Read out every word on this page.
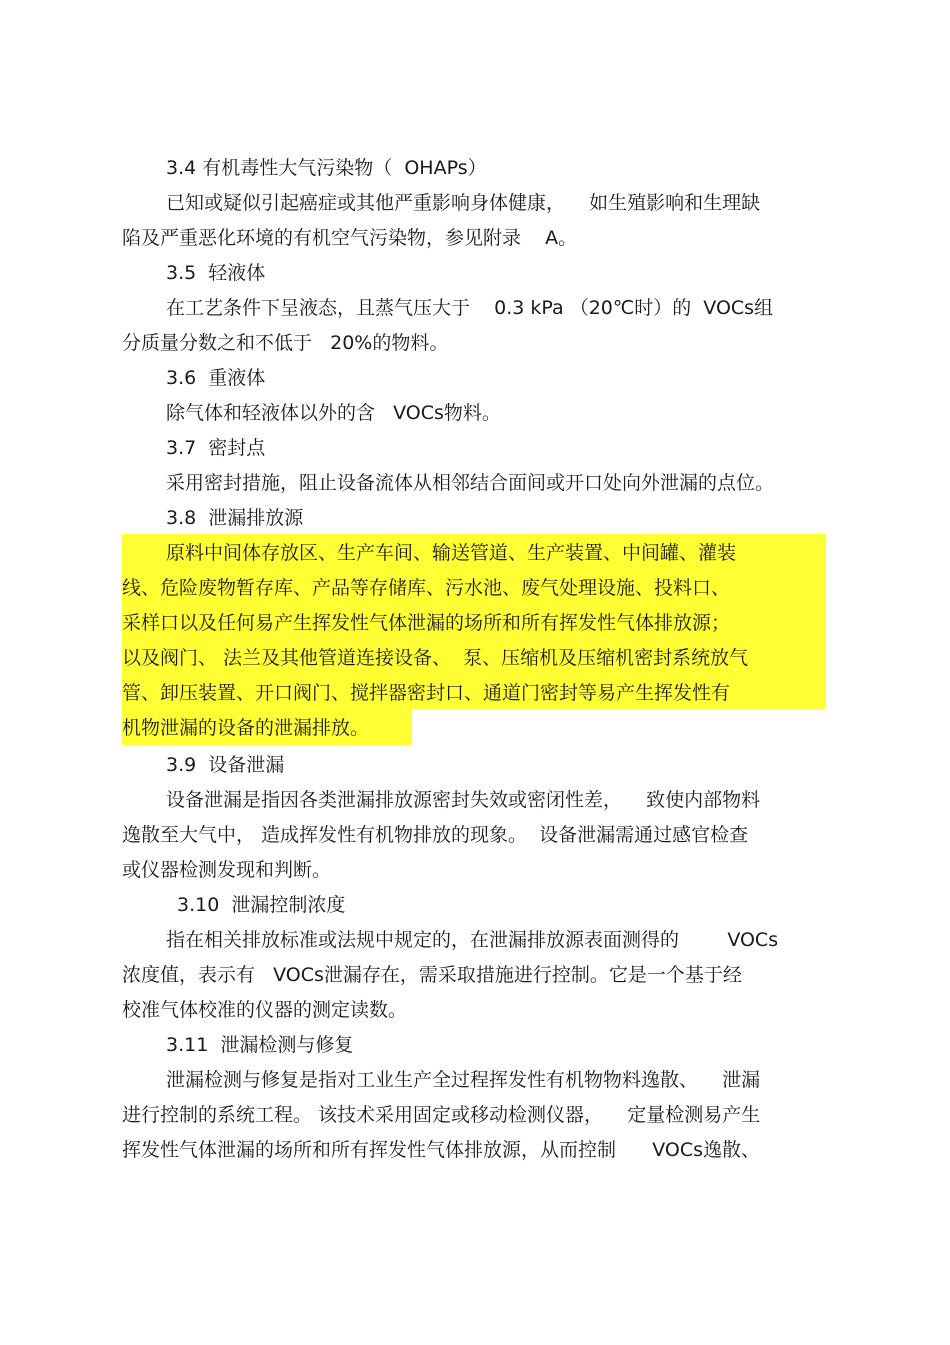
3.4 有机毒性大气污染物（  OHAPs）
已知或疑似引起癌症或其他严重影响身体健康，    如生殖影响和生理缺
陷及严重恶化环境的有机空气污染物，参见附录    A。
3.5  轻液体
在工艺条件下呈液态，且蒸气压大于    0.3 kPa （20℃时）的  VOCs组
分质量分数之和不低于   20%的物料。
3.6  重液体
除气体和轻液体以外的含   VOCs物料。
3.7  密封点
采用密封措施，阻止设备流体从相邻结合面间或开口处向外泄漏的点位。
3.8  泄漏排放源
原料中间体存放区、生产车间、输送管道、生产装置、中间罐、灌装
线、危险废物暂存库、产品等存储库、污水池、废气处理设施、投料口、
采样口以及任何易产生挥发性气体泄漏的场所和所有挥发性气体排放源；
以及阀门、 法兰及其他管道连接设备、  泵、压缩机及压缩机密封系统放气
管、卸压装置、开口阀门、搅拌器密封口、通道门密封等易产生挥发性有
机物泄漏的设备的泄漏排放。
3.9  设备泄漏
设备泄漏是指因各类泄漏排放源密封失效或密闭性差，    致使内部物料
逸散至大气中， 造成挥发性有机物排放的现象。  设备泄漏需通过感官检查
或仪器检测发现和判断。
3.10  泄漏控制浓度
指在相关排放标准或法规中规定的，在泄漏排放源表面测得的        VOCs
浓度值，表示有   VOCs泄漏存在，需采取措施进行控制。它是一个基于经
校准气体校准的仪器的测定读数。
3.11  泄漏检测与修复
泄漏检测与修复是指对工业生产全过程挥发性有机物物料逸散、    泄漏
进行控制的系统工程。 该技术采用固定或移动检测仪器，    定量检测易产生
挥发性气体泄漏的场所和所有挥发性气体排放源，从而控制      VOCs逸散、
